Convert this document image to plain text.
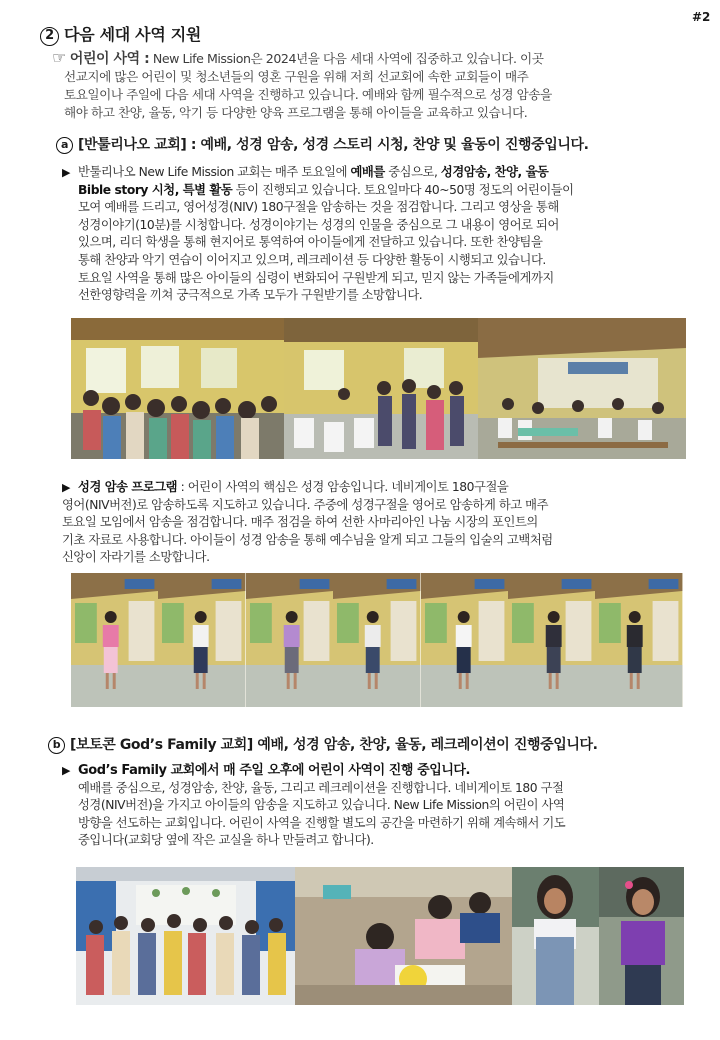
#2
2 다음 세대 사역 지원

☞ 어린이 사역 : New Life Mission은 2024년을 다음 세대 사역에 집중하고 있습니다. 이곳

선교지에 많은 어린이 및 청소년들의 영혼 구원을 위해 저희 선교회에 속한 교회들이 매주

토요일이나 주일에 다음 세대 사역을 진행하고 있습니다. 예배와 함께 필수적으로 성경 암송을

해야 하고 찬양, 율동, 악기 등 다양한 양육 프로그램을 통해 아이들을 교육하고 있습니다.

a [반툴리나오 교회] : 예배, 성경 암송, 성경 스토리 시청, 찬양 및 율동이 진행중입니다.
▶ 반툴리나오 New Life Mission 교회는 매주 토요일에 예배를 중심으로, 성경암송, 찬양, 율동
Bible story 시청, 특별 활동 등이 진행되고 있습니다. 토요일마다 40~50명 정도의 어린이들이
모여 예배를 드리고, 영어성경(NIV) 180구절을 암송하는 것을 점검합니다. 그리고 영상을 통해
성경이야기(10분)를 시청합니다. 성경이야기는 성경의 인물을 중심으로 그 내용이 영어로 되어
있으며, 리더 학생을 통해 현지어로 통역하여 아이들에게 전달하고 있습니다. 또한 찬양팀을
통해 찬양과 악기 연습이 이어지고 있으며, 레크레이션 등 다양한 활동이 시행되고 있습니다.
토요일 사역을 통해 많은 아이들의 심령이 변화되어 구원받게 되고, 믿지 않는 가족들에게까지
선한영향력을 끼쳐 궁극적으로 가족 모두가 구원받기를 소망합니다.
▶ 성경 암송 프로그램 : 어린이 사역의 핵심은 성경 암송입니다. 네비게이토 180구절을
영어(NIV버전)로 암송하도록 지도하고 있습니다. 주중에 성경구절을 영어로 암송하게 하고 매주
토요일 모임에서 암송을 점검합니다. 매주 점검을 하여 선한 사마리아인 나눔 시장의 포인트의
기초 자료로 사용합니다. 아이들이 성경 암송을 통해 예수님을 알게 되고 그들의 입술의 고백처럼
신앙이 자라기를 소망합니다.
b [보토콘 God’s Family 교회] 예배, 성경 암송, 찬양, 율동, 레크레이션이 진행중입니다.
▶ God’s Family 교회에서 매 주일 오후에 어린이 사역이 진행 중입니다.
예배를 중심으로, 성경암송, 찬양, 율동, 그리고 레크레이션을 진행합니다. 네비게이토 180 구절
성경(NIV버전)을 가지고 아이들의 암송을 지도하고 있습니다. New Life Mission의 어린이 사역
방향을 선도하는 교회입니다. 어린이 사역을 진행할 별도의 공간을 마련하기 위해 계속해서 기도
중입니다(교회당 옆에 작은 교실을 하나 만들려고 합니다).
